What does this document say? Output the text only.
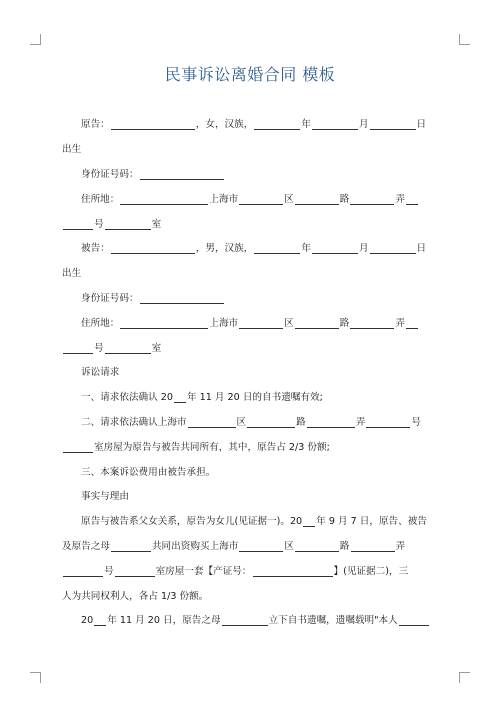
民事诉讼离婚合同 模板
原告：	，女，汉族，	年	月	日
出生
身份证号码：
住所地：	上海市	区	路	弄
号	室
被告：	，男，汉族，	年	月	日
出生
身份证号码：
住所地：	上海市	区	路	弄
号	室
诉讼请求
一、请求依法确认 20 年 11 月 20 日的自书遗嘱有效;
二、请求依法确认上海市	区	路	弄	号
室房屋为原告与被告共同所有，其中，原告占 2/3 份额;
三、本案诉讼费用由被告承担。
事实与理由
原告与被告系父女关系，原告为女儿(见证据一)。20 年 9 月 7 日，原告、被告
及原告之母	共同出资购买上海市	区	路	弄
号	室房屋一套【产证号：	】(见证据二)，三
人为共同权利人，各占 1/3 份额。
20 年 11 月 20 日，原告之母	立下自书遗嘱，遗嘱载明"本人
